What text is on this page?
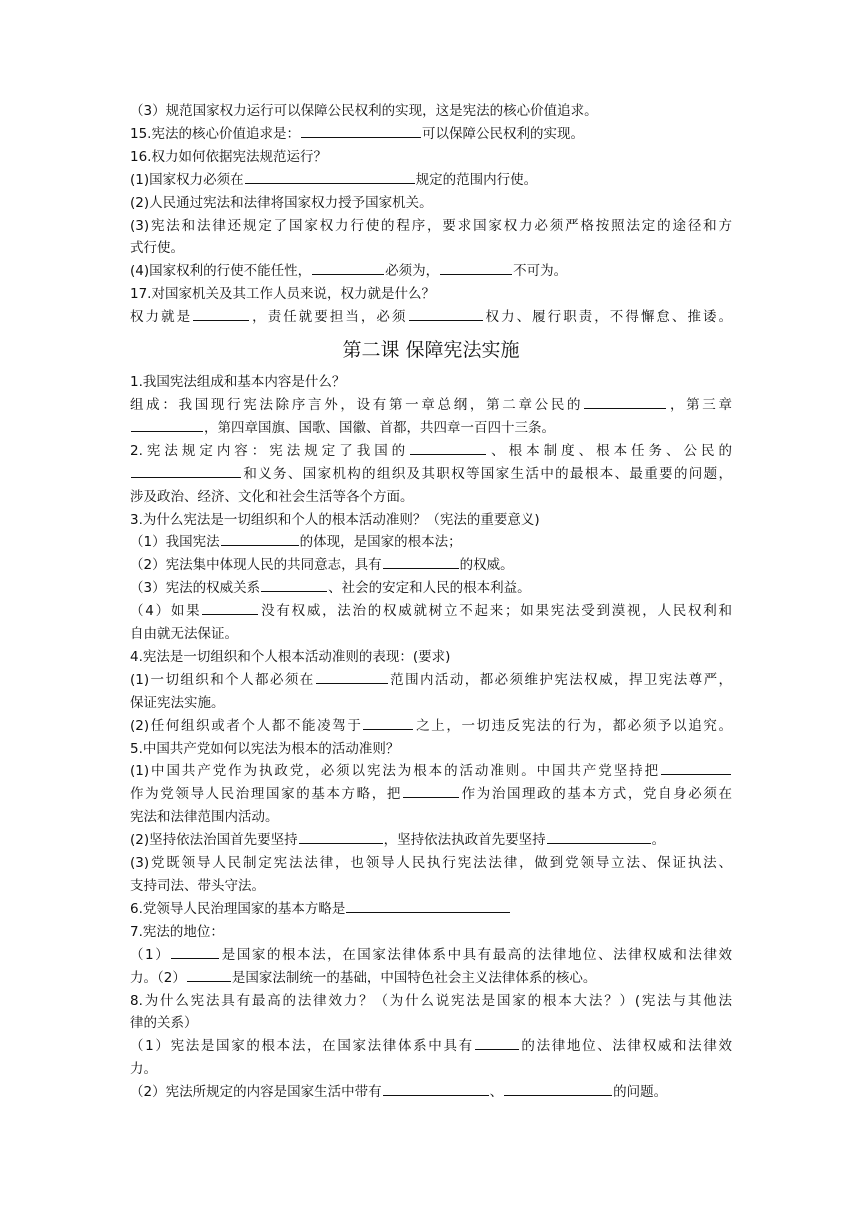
（3）规范国家权力运行可以保障公民权利的实现，这是宪法的核心价值追求。
15.宪法的核心价值追求是：	可以保障公民权利的实现。
16.权力如何依据宪法规范运行？
(1)国家权力必须在	规定的范围内行使。
(2)人民通过宪法和法律将国家权力授予国家机关。
(3)宪法和法律还规定了国家权力行使的程序，要求国家权力必须严格按照法定的途径和方
式行使。
(4)国家权利的行使不能任性，	必须为，	不可为。
17.对国家机关及其工作人员来说，权力就是什么？
权力就是	，责任就要担当，必须	权力、履行职责，不得懈怠、推诿。
第二课 保障宪法实施
1.我国宪法组成和基本内容是什么？
组成：我国现行宪法除序言外，设有第一章总纲，第二章公民的	，第三章
，第四章国旗、国歌、国徽、首都，共四章一百四十三条。
2.宪法规定内容：宪法规定了我国的	、根本制度、根本任务、公民的
和义务、国家机构的组织及其职权等国家生活中的最根本、最重要的问题，
涉及政治、经济、文化和社会生活等各个方面。
3.为什么宪法是一切组织和个人的根本活动准则？（宪法的重要意义)
（1）我国宪法	的体现，是国家的根本法；
（2）宪法集中体现人民的共同意志，具有	的权威。
（3）宪法的权威关系	、社会的安定和人民的根本利益。
（4）如果	没有权威，法治的权威就树立不起来；如果宪法受到漠视，人民权利和
自由就无法保证。
4.宪法是一切组织和个人根本活动准则的表现：(要求)
(1)一切组织和个人都必须在	范围内活动，都必须维护宪法权威，捍卫宪法尊严，
保证宪法实施。
(2)任何组织或者个人都不能凌驾于	之上，一切违反宪法的行为，都必须予以追究。
5.中国共产党如何以宪法为根本的活动准则？
(1)中国共产党作为执政党，必须以宪法为根本的活动准则。中国共产党坚持把
作为党领导人民治理国家的基本方略，把	作为治国理政的基本方式，党自身必须在
宪法和法律范围内活动。
(2)坚持依法治国首先要坚持	，坚持依法执政首先要坚持	。
(3)党既领导人民制定宪法法律，也领导人民执行宪法法律，做到党领导立法、保证执法、
支持司法、带头守法。
6.党领导人民治理国家的基本方略是
7.宪法的地位：
（1）	是国家的根本法，在国家法律体系中具有最高的法律地位、法律权威和法律效
力。（2）	是国家法制统一的基础，中国特色社会主义法律体系的核心。
8.为什么宪法具有最高的法律效力？（为什么说宪法是国家的根本大法？）(宪法与其他法
律的关系）
（1）宪法是国家的根本法，在国家法律体系中具有	的法律地位、法律权威和法律效
力。
（2）宪法所规定的内容是国家生活中带有	、	的问题。
